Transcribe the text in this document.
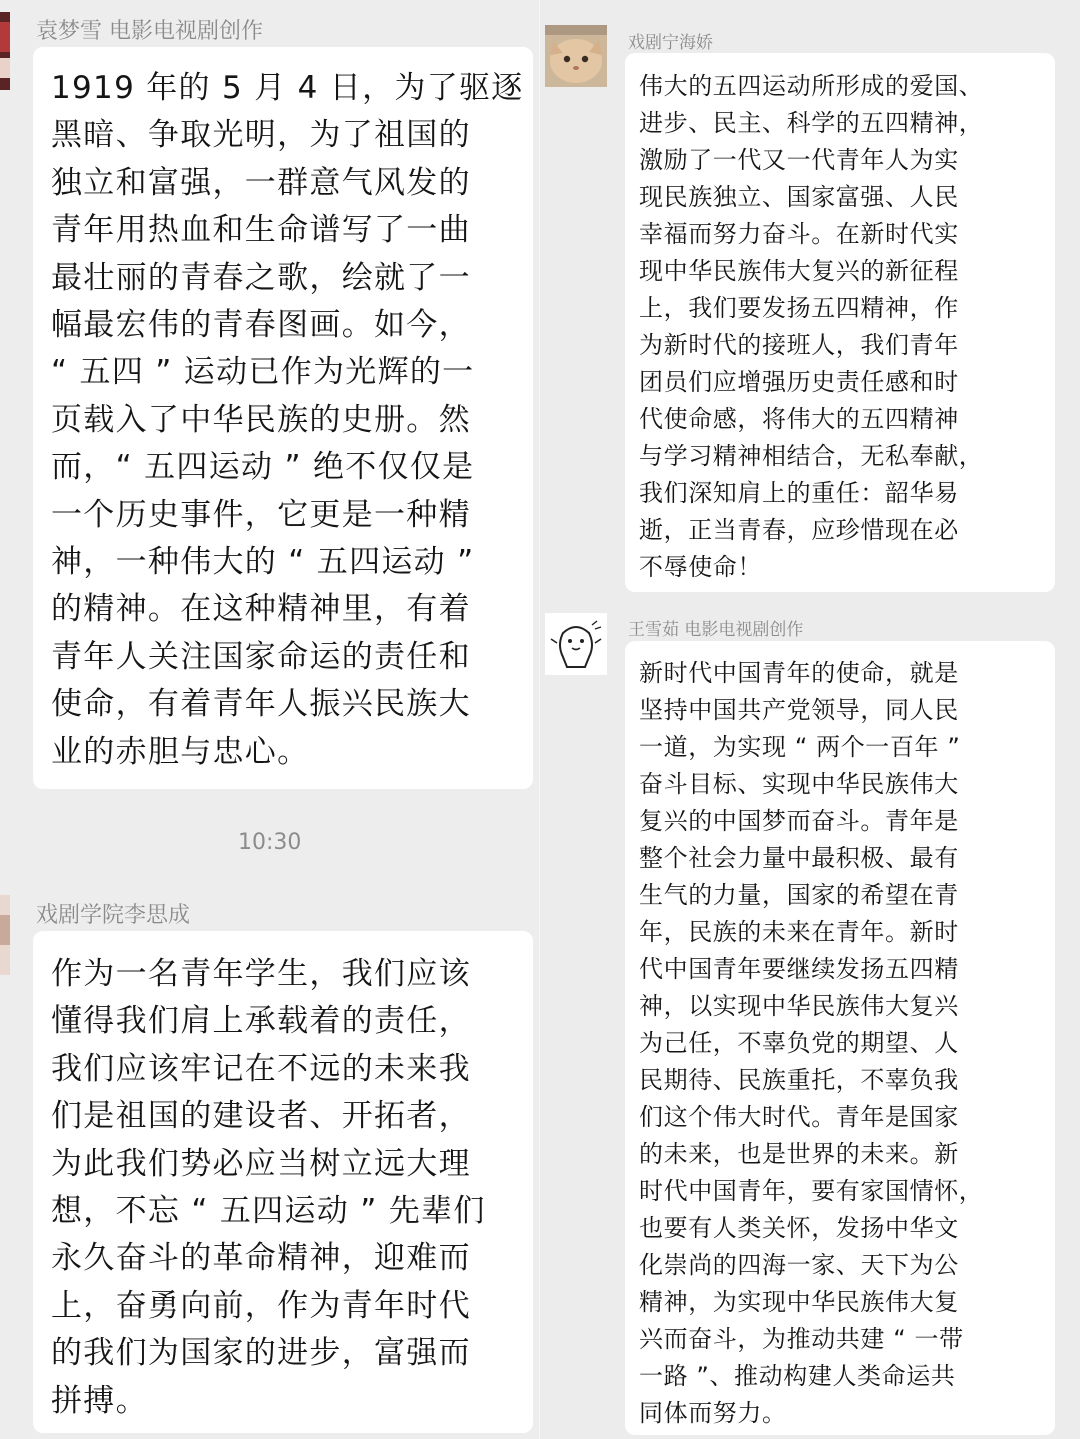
袁梦雪 电影电视剧创作

1919 年的 5 月 4 日，为了驱逐

黑暗、争取光明，为了祖国的

独立和富强，一群意气风发的

青年用热血和生命谱写了一曲

最壮丽的青春之歌，绘就了一

幅最宏伟的青春图画。如今，

“ 五四 ” 运动已作为光辉的一

页载入了中华民族的史册。然

而，“ 五四运动 ” 绝不仅仅是

一个历史事件，它更是一种精

神，一种伟大的 “ 五四运动 ”

的精神。在这种精神里，有着

青年人关注国家命运的责任和

使命，有着青年人振兴民族大

业的赤胆与忠心。

10:30
戏剧学院李思成

作为一名青年学生，我们应该

懂得我们肩上承载着的责任，

我们应该牢记在不远的未来我

们是祖国的建设者、开拓者，

为此我们势必应当树立远大理

想，不忘 “ 五四运动 ” 先辈们

永久奋斗的革命精神，迎难而

上，奋勇向前，作为青年时代

的我们为国家的进步，富强而

拼搏。

戏剧宁海娇

伟大的五四运动所形成的爱国、

进步、民主、科学的五四精神，

激励了一代又一代青年人为实

现民族独立、国家富强、人民

幸福而努力奋斗。在新时代实

现中华民族伟大复兴的新征程

上，我们要发扬五四精神，作

为新时代的接班人，我们青年

团员们应增强历史责任感和时

代使命感，将伟大的五四精神

与学习精神相结合，无私奉献，

我们深知肩上的重任：韶华易

逝，正当青春，应珍惜现在必

不辱使命！

王雪茹 电影电视剧创作

新时代中国青年的使命，就是

坚持中国共产党领导，同人民

一道，为实现 “ 两个一百年 ”

奋斗目标、实现中华民族伟大

复兴的中国梦而奋斗。青年是

整个社会力量中最积极、最有

生气的力量，国家的希望在青

年，民族的未来在青年。新时

代中国青年要继续发扬五四精

神，以实现中华民族伟大复兴

为己任，不辜负党的期望、人

民期待、民族重托，不辜负我

们这个伟大时代。青年是国家

的未来，也是世界的未来。新

时代中国青年，要有家国情怀，

也要有人类关怀，发扬中华文

化崇尚的四海一家、天下为公

精神，为实现中华民族伟大复

兴而奋斗，为推动共建 “ 一带

一路 ”、推动构建人类命运共

同体而努力。
